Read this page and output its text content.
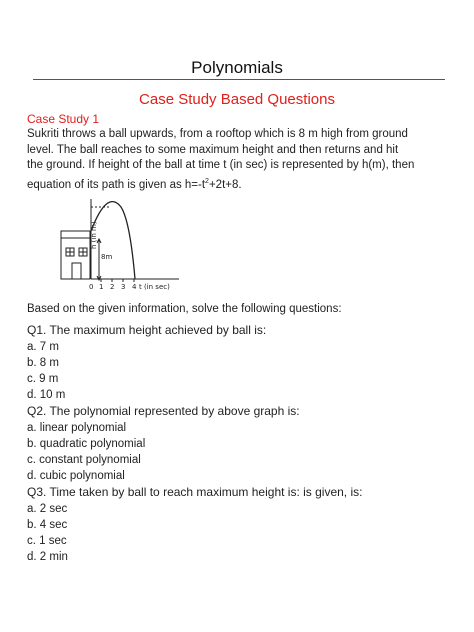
Polynomials
Case Study Based Questions
Case Study 1
Sukriti throws a ball upwards, from a rooftop which is 8 m high from ground level. The ball reaches to some maximum height and then returns and hit the ground. If height of the ball at time t (in sec) is represented by h(m), then equation of its path is given as $h=-t^2+2t+8$.
h (in m)
8m
0 1 2 3 4 t (in sec)
Based on the given information, solve the following questions:
Q1. The maximum height achieved by ball is:
a. 7 m
b. 8 m
c. 9 m
d. 10 m
Q2. The polynomial represented by above graph is:
a. linear polynomial
b. quadratic polynomial
c. constant polynomial
d. cubic polynomial
Q3. Time taken by ball to reach maximum height is: is given, is:
a. 2 sec
b. 4 sec
c. 1 sec
d. 2 min
